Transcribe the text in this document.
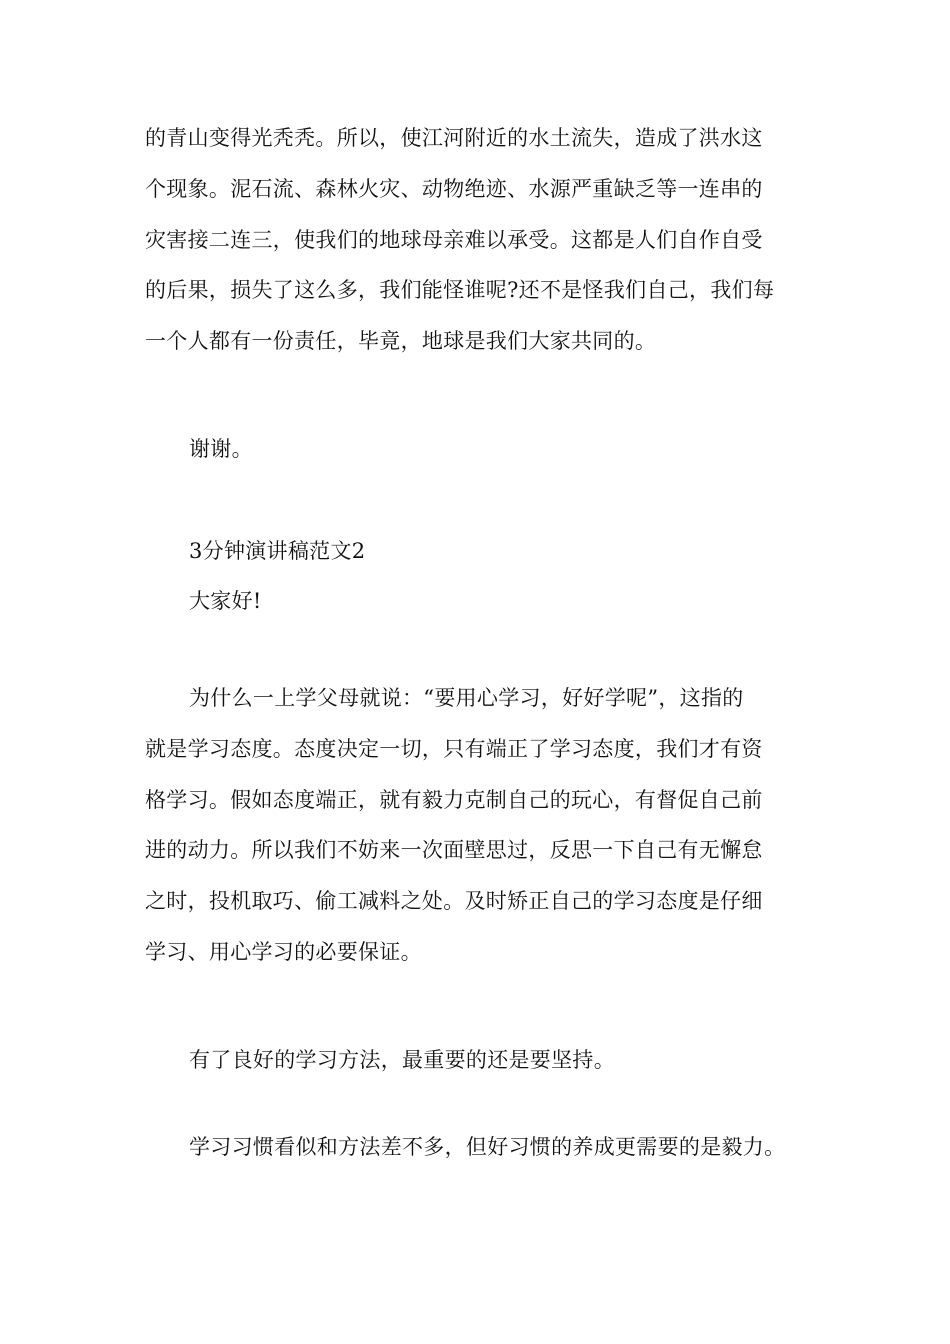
的青山变得光秃秃。所以，使江河附近的水土流失，造成了洪水这
个现象。泥石流、森林火灾、动物绝迹、水源严重缺乏等一连串的
灾害接二连三，使我们的地球母亲难以承受。这都是人们自作自受
的后果，损失了这么多，我们能怪谁呢?还不是怪我们自己，我们每
一个人都有一份责任，毕竟，地球是我们大家共同的。
谢谢。
3分钟演讲稿范文2
大家好!
为什么一上学父母就说：“要用心学习，好好学呢”，这指的
就是学习态度。态度决定一切，只有端正了学习态度，我们才有资
格学习。假如态度端正，就有毅力克制自己的玩心，有督促自己前
进的动力。所以我们不妨来一次面壁思过，反思一下自己有无懈怠
之时，投机取巧、偷工减料之处。及时矫正自己的学习态度是仔细
学习、用心学习的必要保证。
有了良好的学习方法，最重要的还是要坚持。
学习习惯看似和方法差不多，但好习惯的养成更需要的是毅力。
